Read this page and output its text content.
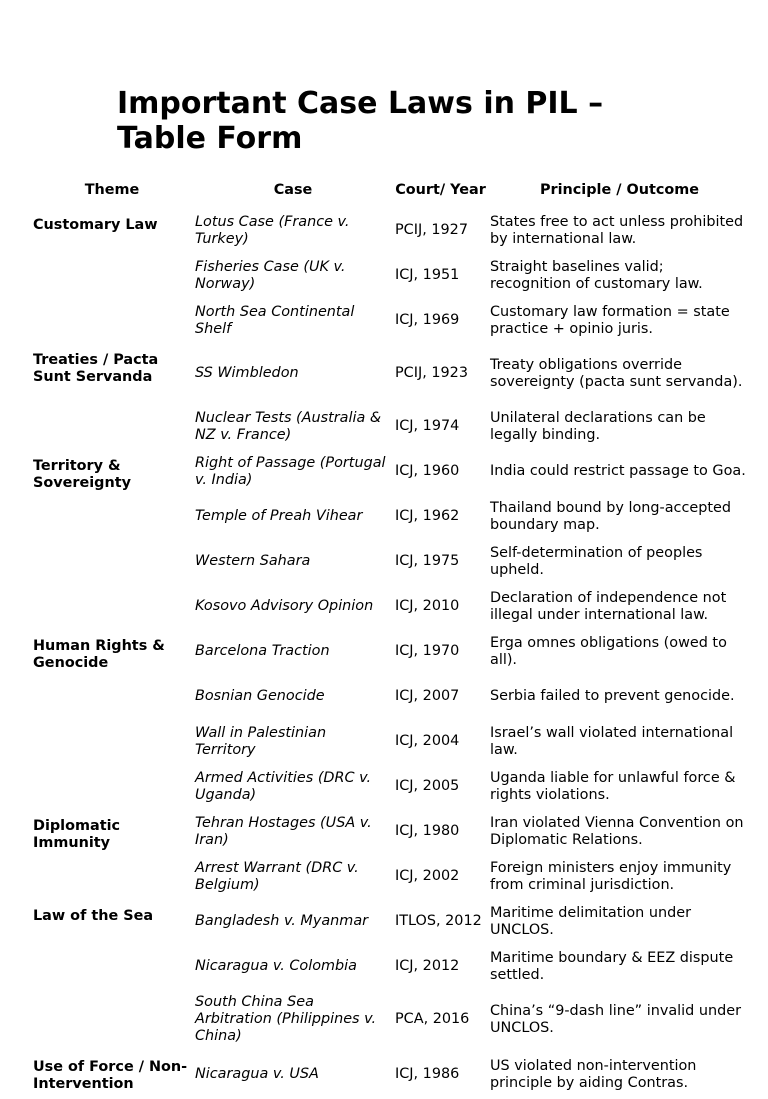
Important Case Laws in PIL – Table Form
Theme	Case	Court/ Year	Principle / Outcome
Customary Law	Lotus Case (France v. Turkey)	PCIJ, 1927	States free to act unless prohibited by international law.
	Fisheries Case (UK v. Norway)	ICJ, 1951	Straight baselines valid; recognition of customary law.
	North Sea Continental Shelf	ICJ, 1969	Customary law formation = state practice + opinio juris.
Treaties / Pacta Sunt Servanda	SS Wimbledon	PCIJ, 1923	Treaty obligations override sovereignty (pacta sunt servanda).
	Nuclear Tests (Australia & NZ v. France)	ICJ, 1974	Unilateral declarations can be legally binding.
Territory & Sovereignty	Right of Passage (Portugal v. India)	ICJ, 1960	India could restrict passage to Goa.
	Temple of Preah Vihear	ICJ, 1962	Thailand bound by long-accepted boundary map.
	Western Sahara	ICJ, 1975	Self-determination of peoples upheld.
	Kosovo Advisory Opinion	ICJ, 2010	Declaration of independence not illegal under international law.
Human Rights & Genocide	Barcelona Traction	ICJ, 1970	Erga omnes obligations (owed to all).
	Bosnian Genocide	ICJ, 2007	Serbia failed to prevent genocide.
	Wall in Palestinian Territory	ICJ, 2004	Israel’s wall violated international law.
	Armed Activities (DRC v. Uganda)	ICJ, 2005	Uganda liable for unlawful force & rights violations.
Diplomatic Immunity	Tehran Hostages (USA v. Iran)	ICJ, 1980	Iran violated Vienna Convention on Diplomatic Relations.
	Arrest Warrant (DRC v. Belgium)	ICJ, 2002	Foreign ministers enjoy immunity from criminal jurisdiction.
Law of the Sea	Bangladesh v. Myanmar	ITLOS, 2012	Maritime delimitation under UNCLOS.
	Nicaragua v. Colombia	ICJ, 2012	Maritime boundary & EEZ dispute settled.
	South China Sea Arbitration (Philippines v. China)	PCA, 2016	China’s “9-dash line” invalid under UNCLOS.
Use of Force / Non-Intervention	Nicaragua v. USA	ICJ, 1986	US violated non-intervention principle by aiding Contras.
